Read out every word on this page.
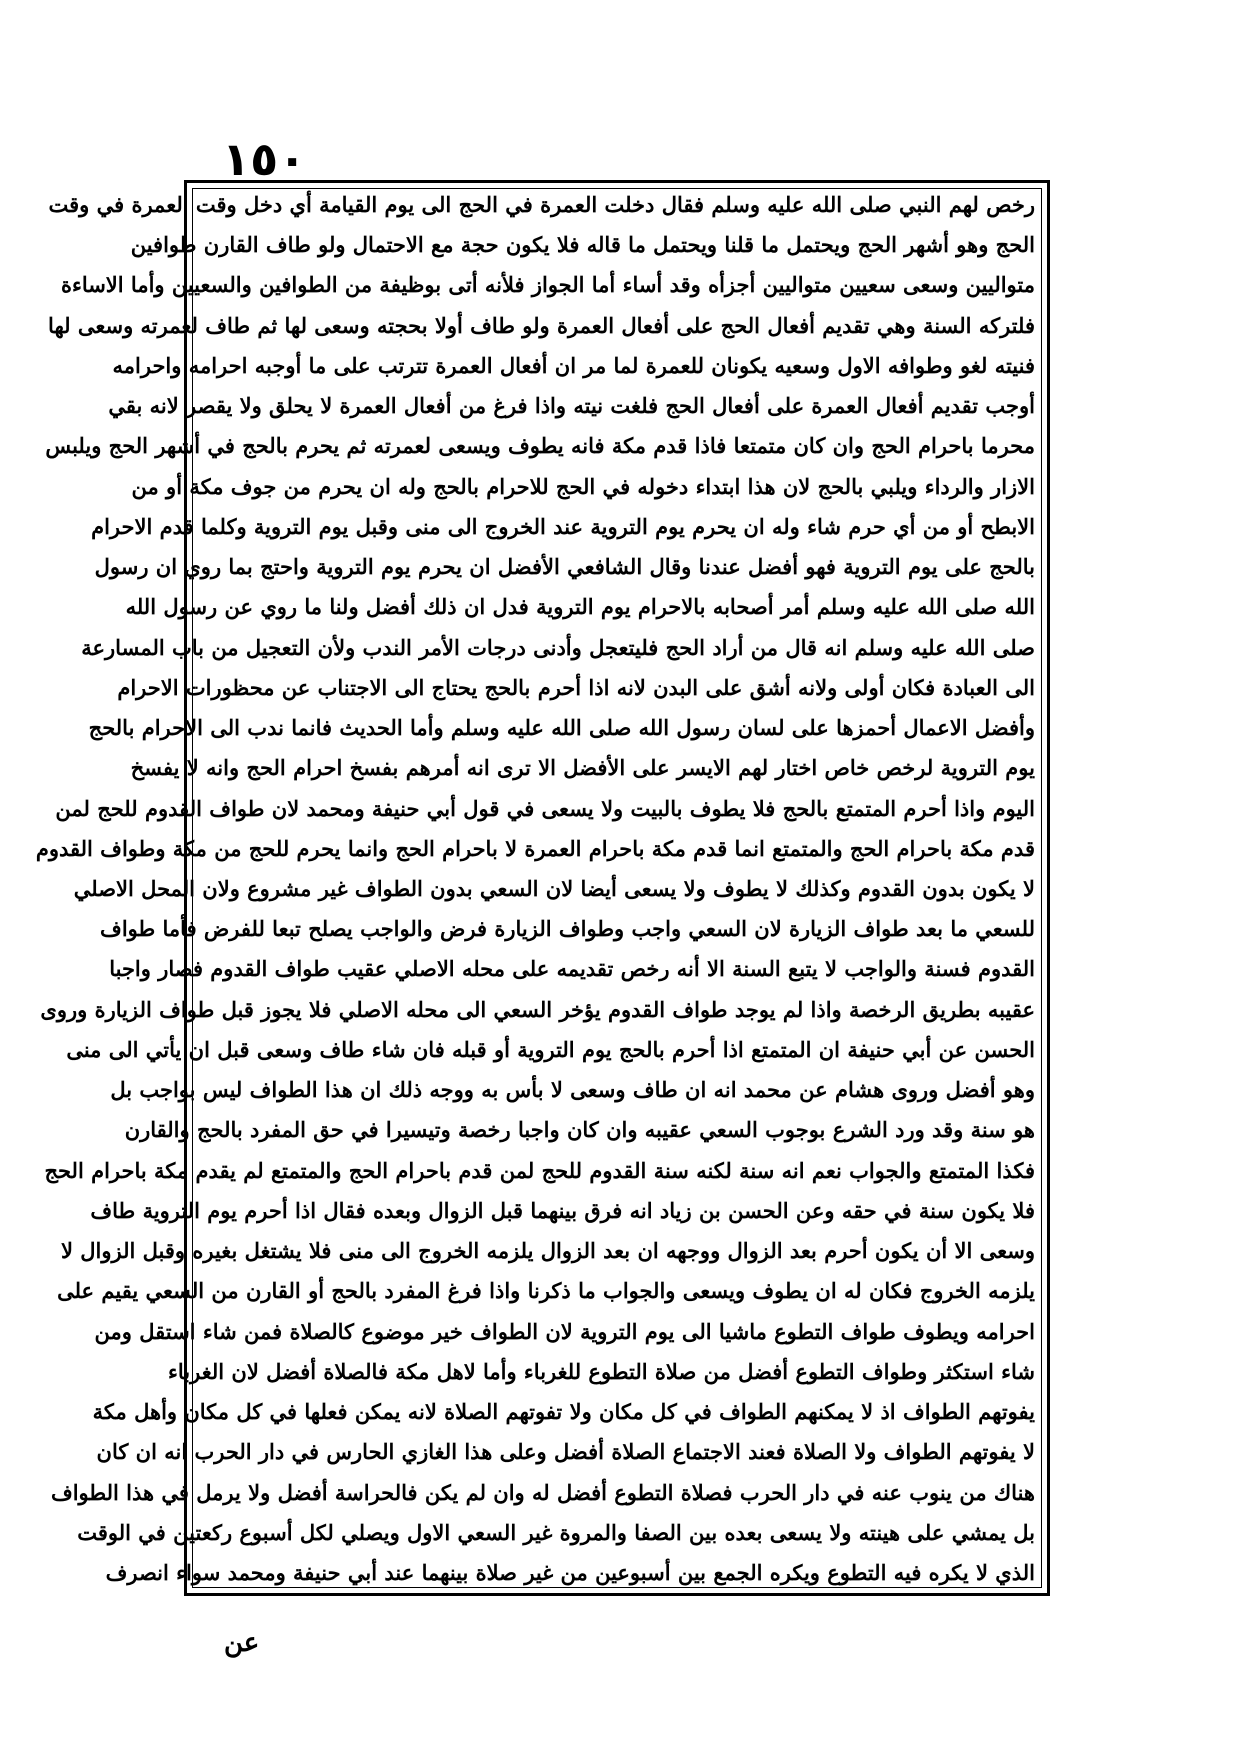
١٥٠
رخص لهم النبي صلى الله عليه وسلم فقال دخلت العمرة في الحج الى يوم القيامة أي دخل وقت العمرة في وقت
الحج وهو أشهر الحج ويحتمل ما قلنا ويحتمل ما قاله فلا يكون حجة مع الاحتمال ولو طاف القارن طوافين
متواليين وسعى سعيين متواليين أجزأه وقد أساء أما الجواز فلأنه أتى بوظيفة من الطوافين والسعيين وأما الاساءة
فلتركه السنة وهي تقديم أفعال الحج على أفعال العمرة ولو طاف أولا بحجته وسعى لها ثم طاف لعمرته وسعى لها
فنيته لغو وطوافه الاول وسعيه يكونان للعمرة لما مر ان أفعال العمرة تترتب على ما أوجبه احرامه واحرامه
أوجب تقديم أفعال العمرة على أفعال الحج فلغت نيته واذا فرغ من أفعال العمرة لا يحلق ولا يقصر لانه بقي
محرما باحرام الحج وان كان متمتعا فاذا قدم مكة فانه يطوف ويسعى لعمرته ثم يحرم بالحج في أشهر الحج ويلبس
الازار والرداء ويلبي بالحج لان هذا ابتداء دخوله في الحج للاحرام بالحج وله ان يحرم من جوف مكة أو من
الابطح أو من أي حرم شاء وله ان يحرم يوم التروية عند الخروج الى منى وقبل يوم التروية وكلما قدم الاحرام
بالحج على يوم التروية فهو أفضل عندنا وقال الشافعي الأفضل ان يحرم يوم التروية واحتج بما روي ان رسول
الله صلى الله عليه وسلم أمر أصحابه بالاحرام يوم التروية فدل ان ذلك أفضل ولنا ما روي عن رسول الله
صلى الله عليه وسلم انه قال من أراد الحج فليتعجل وأدنى درجات الأمر الندب ولأن التعجيل من باب المسارعة
الى العبادة فكان أولى ولانه أشق على البدن لانه اذا أحرم بالحج يحتاج الى الاجتناب عن محظورات الاحرام
وأفضل الاعمال أحمزها على لسان رسول الله صلى الله عليه وسلم وأما الحديث فانما ندب الى الاحرام بالحج
يوم التروية لرخص خاص اختار لهم الايسر على الأفضل الا ترى انه أمرهم بفسخ احرام الحج وانه لا يفسخ
اليوم واذا أحرم المتمتع بالحج فلا يطوف بالبيت ولا يسعى في قول أبي حنيفة ومحمد لان طواف القدوم للحج لمن
قدم مكة باحرام الحج والمتمتع انما قدم مكة باحرام العمرة لا باحرام الحج وانما يحرم للحج من مكة وطواف القدوم
لا يكون بدون القدوم وكذلك لا يطوف ولا يسعى أيضا لان السعي بدون الطواف غير مشروع ولان المحل الاصلي
للسعي ما بعد طواف الزيارة لان السعي واجب وطواف الزيارة فرض والواجب يصلح تبعا للفرض فأما طواف
القدوم فسنة والواجب لا يتبع السنة الا أنه رخص تقديمه على محله الاصلي عقيب طواف القدوم فصار واجبا
عقيبه بطريق الرخصة واذا لم يوجد طواف القدوم يؤخر السعي الى محله الاصلي فلا يجوز قبل طواف الزيارة وروى
الحسن عن أبي حنيفة ان المتمتع اذا أحرم بالحج يوم التروية أو قبله فان شاء طاف وسعى قبل ان يأتي الى منى
وهو أفضل وروى هشام عن محمد انه ان طاف وسعى لا بأس به ووجه ذلك ان هذا الطواف ليس بواجب بل
هو سنة وقد ورد الشرع بوجوب السعي عقيبه وان كان واجبا رخصة وتيسيرا في حق المفرد بالحج والقارن
فكذا المتمتع والجواب نعم انه سنة لكنه سنة القدوم للحج لمن قدم باحرام الحج والمتمتع لم يقدم مكة باحرام الحج
فلا يكون سنة في حقه وعن الحسن بن زياد انه فرق بينهما قبل الزوال وبعده فقال اذا أحرم يوم التروية طاف
وسعى الا أن يكون أحرم بعد الزوال ووجهه ان بعد الزوال يلزمه الخروج الى منى فلا يشتغل بغيره وقبل الزوال لا
يلزمه الخروج فكان له ان يطوف ويسعى والجواب ما ذكرنا واذا فرغ المفرد بالحج أو القارن من السعي يقيم على
احرامه ويطوف طواف التطوع ماشيا الى يوم التروية لان الطواف خير موضوع كالصلاة فمن شاء استقل ومن
شاء استكثر وطواف التطوع أفضل من صلاة التطوع للغرباء وأما لاهل مكة فالصلاة أفضل لان الغرباء
يفوتهم الطواف اذ لا يمكنهم الطواف في كل مكان ولا تفوتهم الصلاة لانه يمكن فعلها في كل مكان وأهل مكة
لا يفوتهم الطواف ولا الصلاة فعند الاجتماع الصلاة أفضل وعلى هذا الغازي الحارس في دار الحرب انه ان كان
هناك من ينوب عنه في دار الحرب فصلاة التطوع أفضل له وان لم يكن فالحراسة أفضل ولا يرمل في هذا الطواف
بل يمشي على هينته ولا يسعى بعده بين الصفا والمروة غير السعي الاول ويصلي لكل أسبوع ركعتين في الوقت
الذي لا يكره فيه التطوع ويكره الجمع بين أسبوعين من غير صلاة بينهما عند أبي حنيفة ومحمد سواء انصرف
عن
